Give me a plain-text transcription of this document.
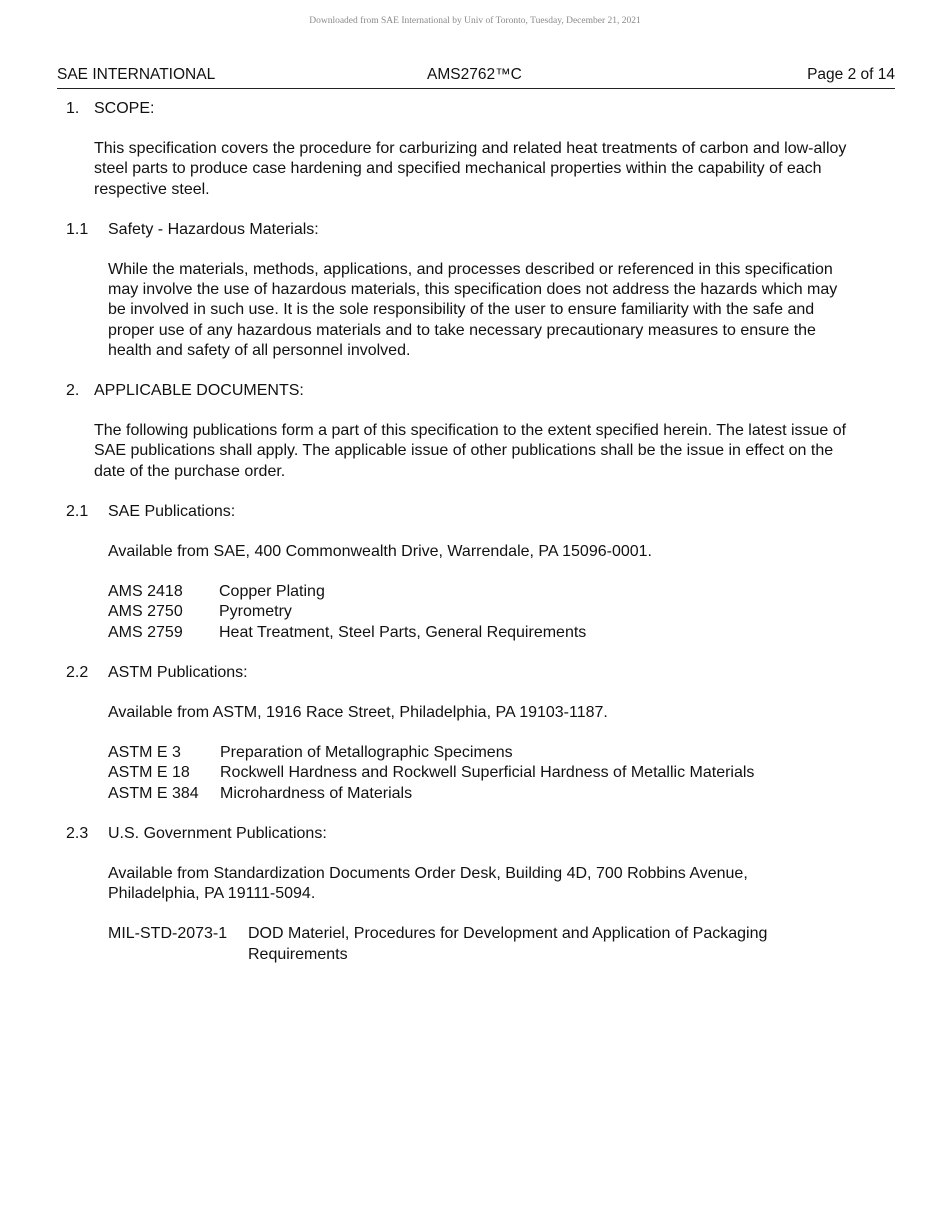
Downloaded from SAE International by Univ of Toronto, Tuesday, December 21, 2021
SAE INTERNATIONAL	AMS2762™C	Page 2 of 14
1. SCOPE:

This specification covers the procedure for carburizing and related heat treatments of carbon and low-alloy steel parts to produce case hardening and specified mechanical properties within the capability of each respective steel.

1.1 Safety - Hazardous Materials:

While the materials, methods, applications, and processes described or referenced in this specification may involve the use of hazardous materials, this specification does not address the hazards which may be involved in such use. It is the sole responsibility of the user to ensure familiarity with the safe and proper use of any hazardous materials and to take necessary precautionary measures to ensure the health and safety of all personnel involved.

2. APPLICABLE DOCUMENTS:

The following publications form a part of this specification to the extent specified herein. The latest issue of SAE publications shall apply. The applicable issue of other publications shall be the issue in effect on the date of the purchase order.

2.1 SAE Publications:

Available from SAE, 400 Commonwealth Drive, Warrendale, PA 15096-0001.

AMS 2418	Copper Plating
AMS 2750	Pyrometry
AMS 2759	Heat Treatment, Steel Parts, General Requirements
2.2 ASTM Publications:

Available from ASTM, 1916 Race Street, Philadelphia, PA 19103-1187.

ASTM E 3	Preparation of Metallographic Specimens
ASTM E 18	Rockwell Hardness and Rockwell Superficial Hardness of Metallic Materials
ASTM E 384	Microhardness of Materials
2.3 U.S. Government Publications:

Available from Standardization Documents Order Desk, Building 4D, 700 Robbins Avenue, Philadelphia, PA 19111-5094.

MIL-STD-2073-1	DOD Materiel, Procedures for Development and Application of Packaging Requirements
